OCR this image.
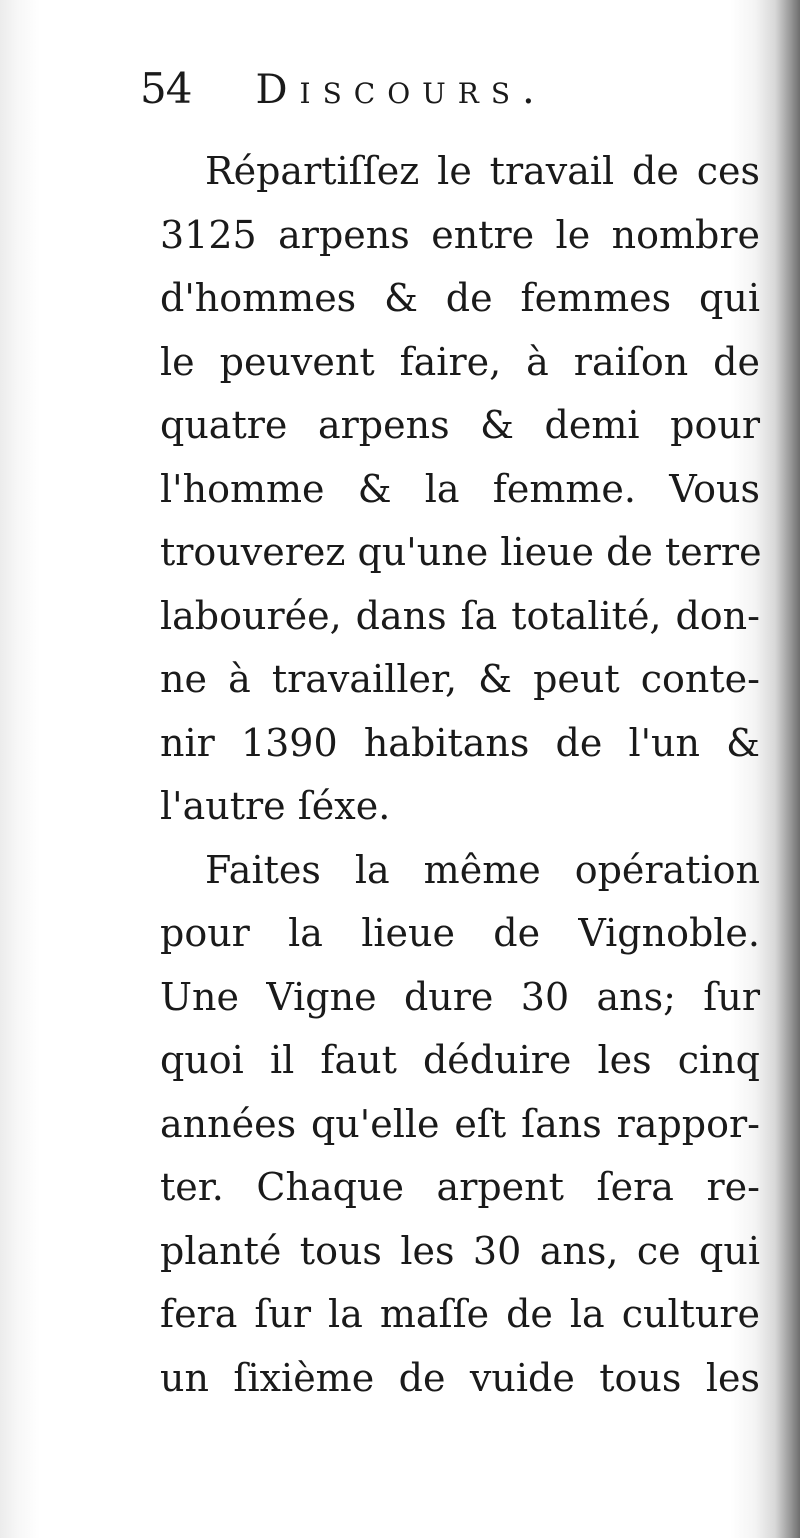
54 Discours.
Répartiſſez le travail de ces
3125 arpens entre le nombre
d'hommes & de femmes qui
le peuvent faire, à raiſon de
quatre arpens & demi pour
l'homme & la femme. Vous
trouverez qu'une lieue de terre
labourée, dans ſa totalité, don-
ne à travailler, & peut conte-
nir 1390 habitans de l'un &
l'autre ſéxe.
Faites la même opération
pour la lieue de Vignoble.
Une Vigne dure 30 ans; ſur
quoi il faut déduire les cinq
années qu'elle eſt ſans rappor-
ter. Chaque arpent ſera re-
planté tous les 30 ans, ce qui
fera ſur la maſſe de la culture
un ſixième de vuide tous les
